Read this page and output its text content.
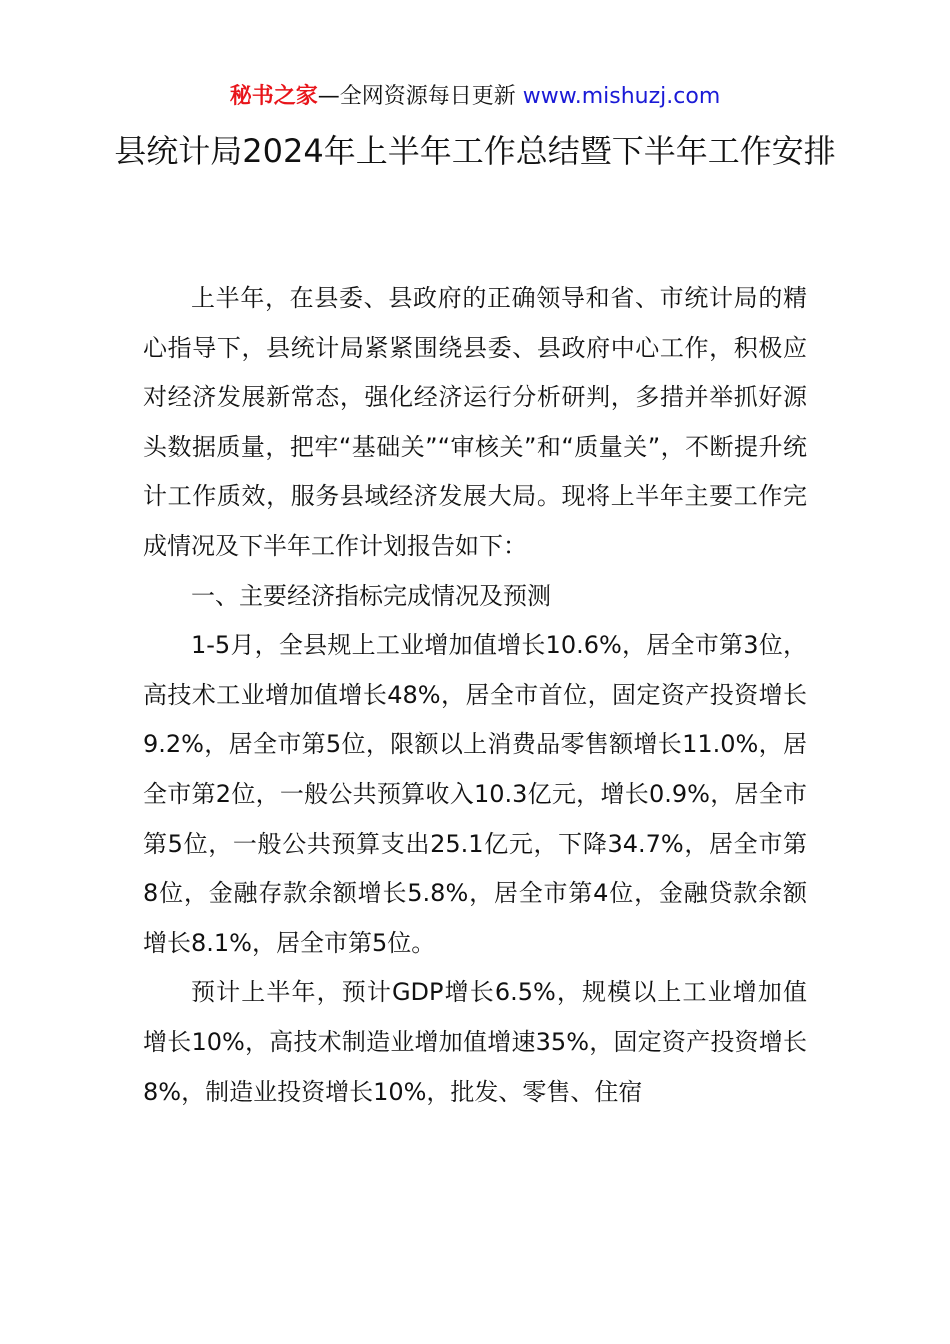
秘书之家—全网资源每日更新 www.mishuzj.com
县统计局2024年上半年工作总结暨下半年工作安排

上半年，在县委、县政府的正确领导和省、市统计局的精心指导下，县统计局紧紧围绕县委、县政府中心工作，积极应对经济发展新常态，强化经济运行分析研判，多措并举抓好源头数据质量，把牢“基础关”“审核关”和“质量关”，不断提升统计工作质效，服务县域经济发展大局。现将上半年主要工作完成情况及下半年工作计划报告如下：

一、主要经济指标完成情况及预测

1-5月，全县规上工业增加值增长10.6%，居全市第3位，高技术工业增加值增长48%，居全市首位，固定资产投资增长9.2%，居全市第5位，限额以上消费品零售额增长11.0%，居全市第2位，一般公共预算收入10.3亿元，增长0.9%，居全市第5位，一般公共预算支出25.1亿元，下降34.7%，居全市第8位，金融存款余额增长5.8%，居全市第4位，金融贷款余额增长8.1%，居全市第5位。

预计上半年，预计GDP增长6.5%，规模以上工业增加值增长10%，高技术制造业增加值增速35%，固定资产投资增长8%，制造业投资增长10%，批发、零售、住宿
